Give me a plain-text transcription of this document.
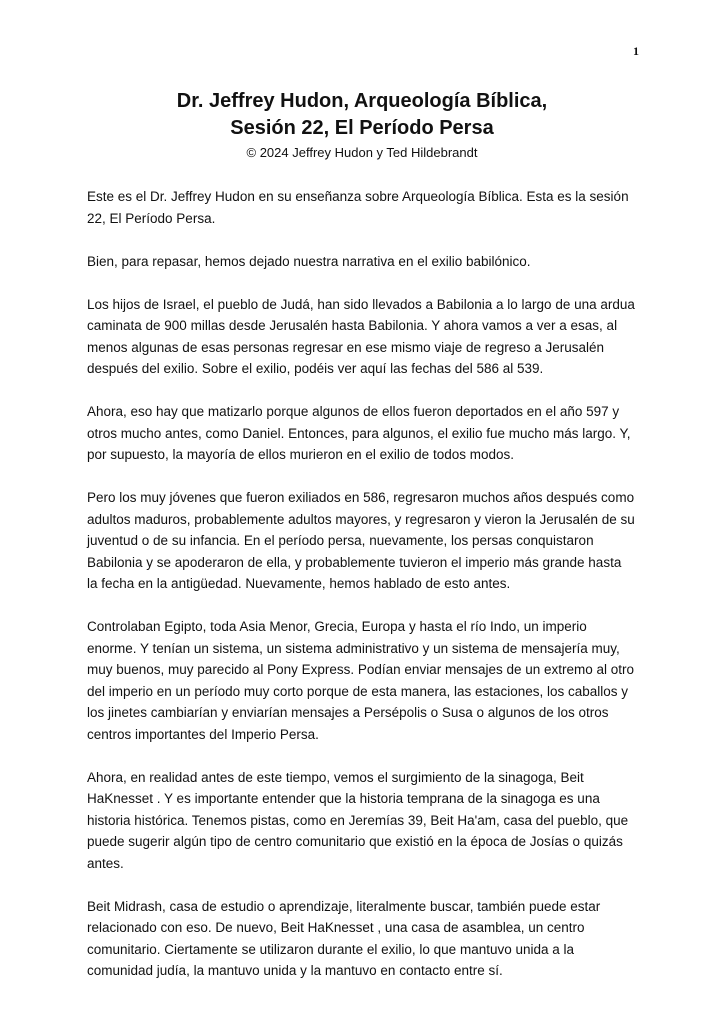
1
Dr. Jeffrey Hudon, Arqueología Bíblica,
Sesión 22, El Período Persa
© 2024 Jeffrey Hudon y Ted Hildebrandt

Este es el Dr. Jeffrey Hudon en su enseñanza sobre Arqueología Bíblica. Esta es la sesión 22, El Período Persa.

Bien, para repasar, hemos dejado nuestra narrativa en el exilio babilónico.

Los hijos de Israel, el pueblo de Judá, han sido llevados a Babilonia a lo largo de una ardua caminata de 900 millas desde Jerusalén hasta Babilonia. Y ahora vamos a ver a esas, al menos algunas de esas personas regresar en ese mismo viaje de regreso a Jerusalén después del exilio. Sobre el exilio, podéis ver aquí las fechas del 586 al 539.

Ahora, eso hay que matizarlo porque algunos de ellos fueron deportados en el año 597 y otros mucho antes, como Daniel. Entonces, para algunos, el exilio fue mucho más largo. Y, por supuesto, la mayoría de ellos murieron en el exilio de todos modos.

Pero los muy jóvenes que fueron exiliados en 586, regresaron muchos años después como adultos maduros, probablemente adultos mayores, y regresaron y vieron la Jerusalén de su juventud o de su infancia. En el período persa, nuevamente, los persas conquistaron Babilonia y se apoderaron de ella, y probablemente tuvieron el imperio más grande hasta la fecha en la antigüedad. Nuevamente, hemos hablado de esto antes.

Controlaban Egipto, toda Asia Menor, Grecia, Europa y hasta el río Indo, un imperio enorme. Y tenían un sistema, un sistema administrativo y un sistema de mensajería muy, muy buenos, muy parecido al Pony Express. Podían enviar mensajes de un extremo al otro del imperio en un período muy corto porque de esta manera, las estaciones, los caballos y los jinetes cambiarían y enviarían mensajes a Persépolis o Susa o algunos de los otros centros importantes del Imperio Persa.

Ahora, en realidad antes de este tiempo, vemos el surgimiento de la sinagoga, Beit HaKnesset . Y es importante entender que la historia temprana de la sinagoga es una historia histórica. Tenemos pistas, como en Jeremías 39, Beit Ha'am, casa del pueblo, que puede sugerir algún tipo de centro comunitario que existió en la época de Josías o quizás antes.

Beit Midrash, casa de estudio o aprendizaje, literalmente buscar, también puede estar relacionado con eso. De nuevo, Beit HaKnesset , una casa de asamblea, un centro comunitario. Ciertamente se utilizaron durante el exilio, lo que mantuvo unida a la comunidad judía, la mantuvo unida y la mantuvo en contacto entre sí.
